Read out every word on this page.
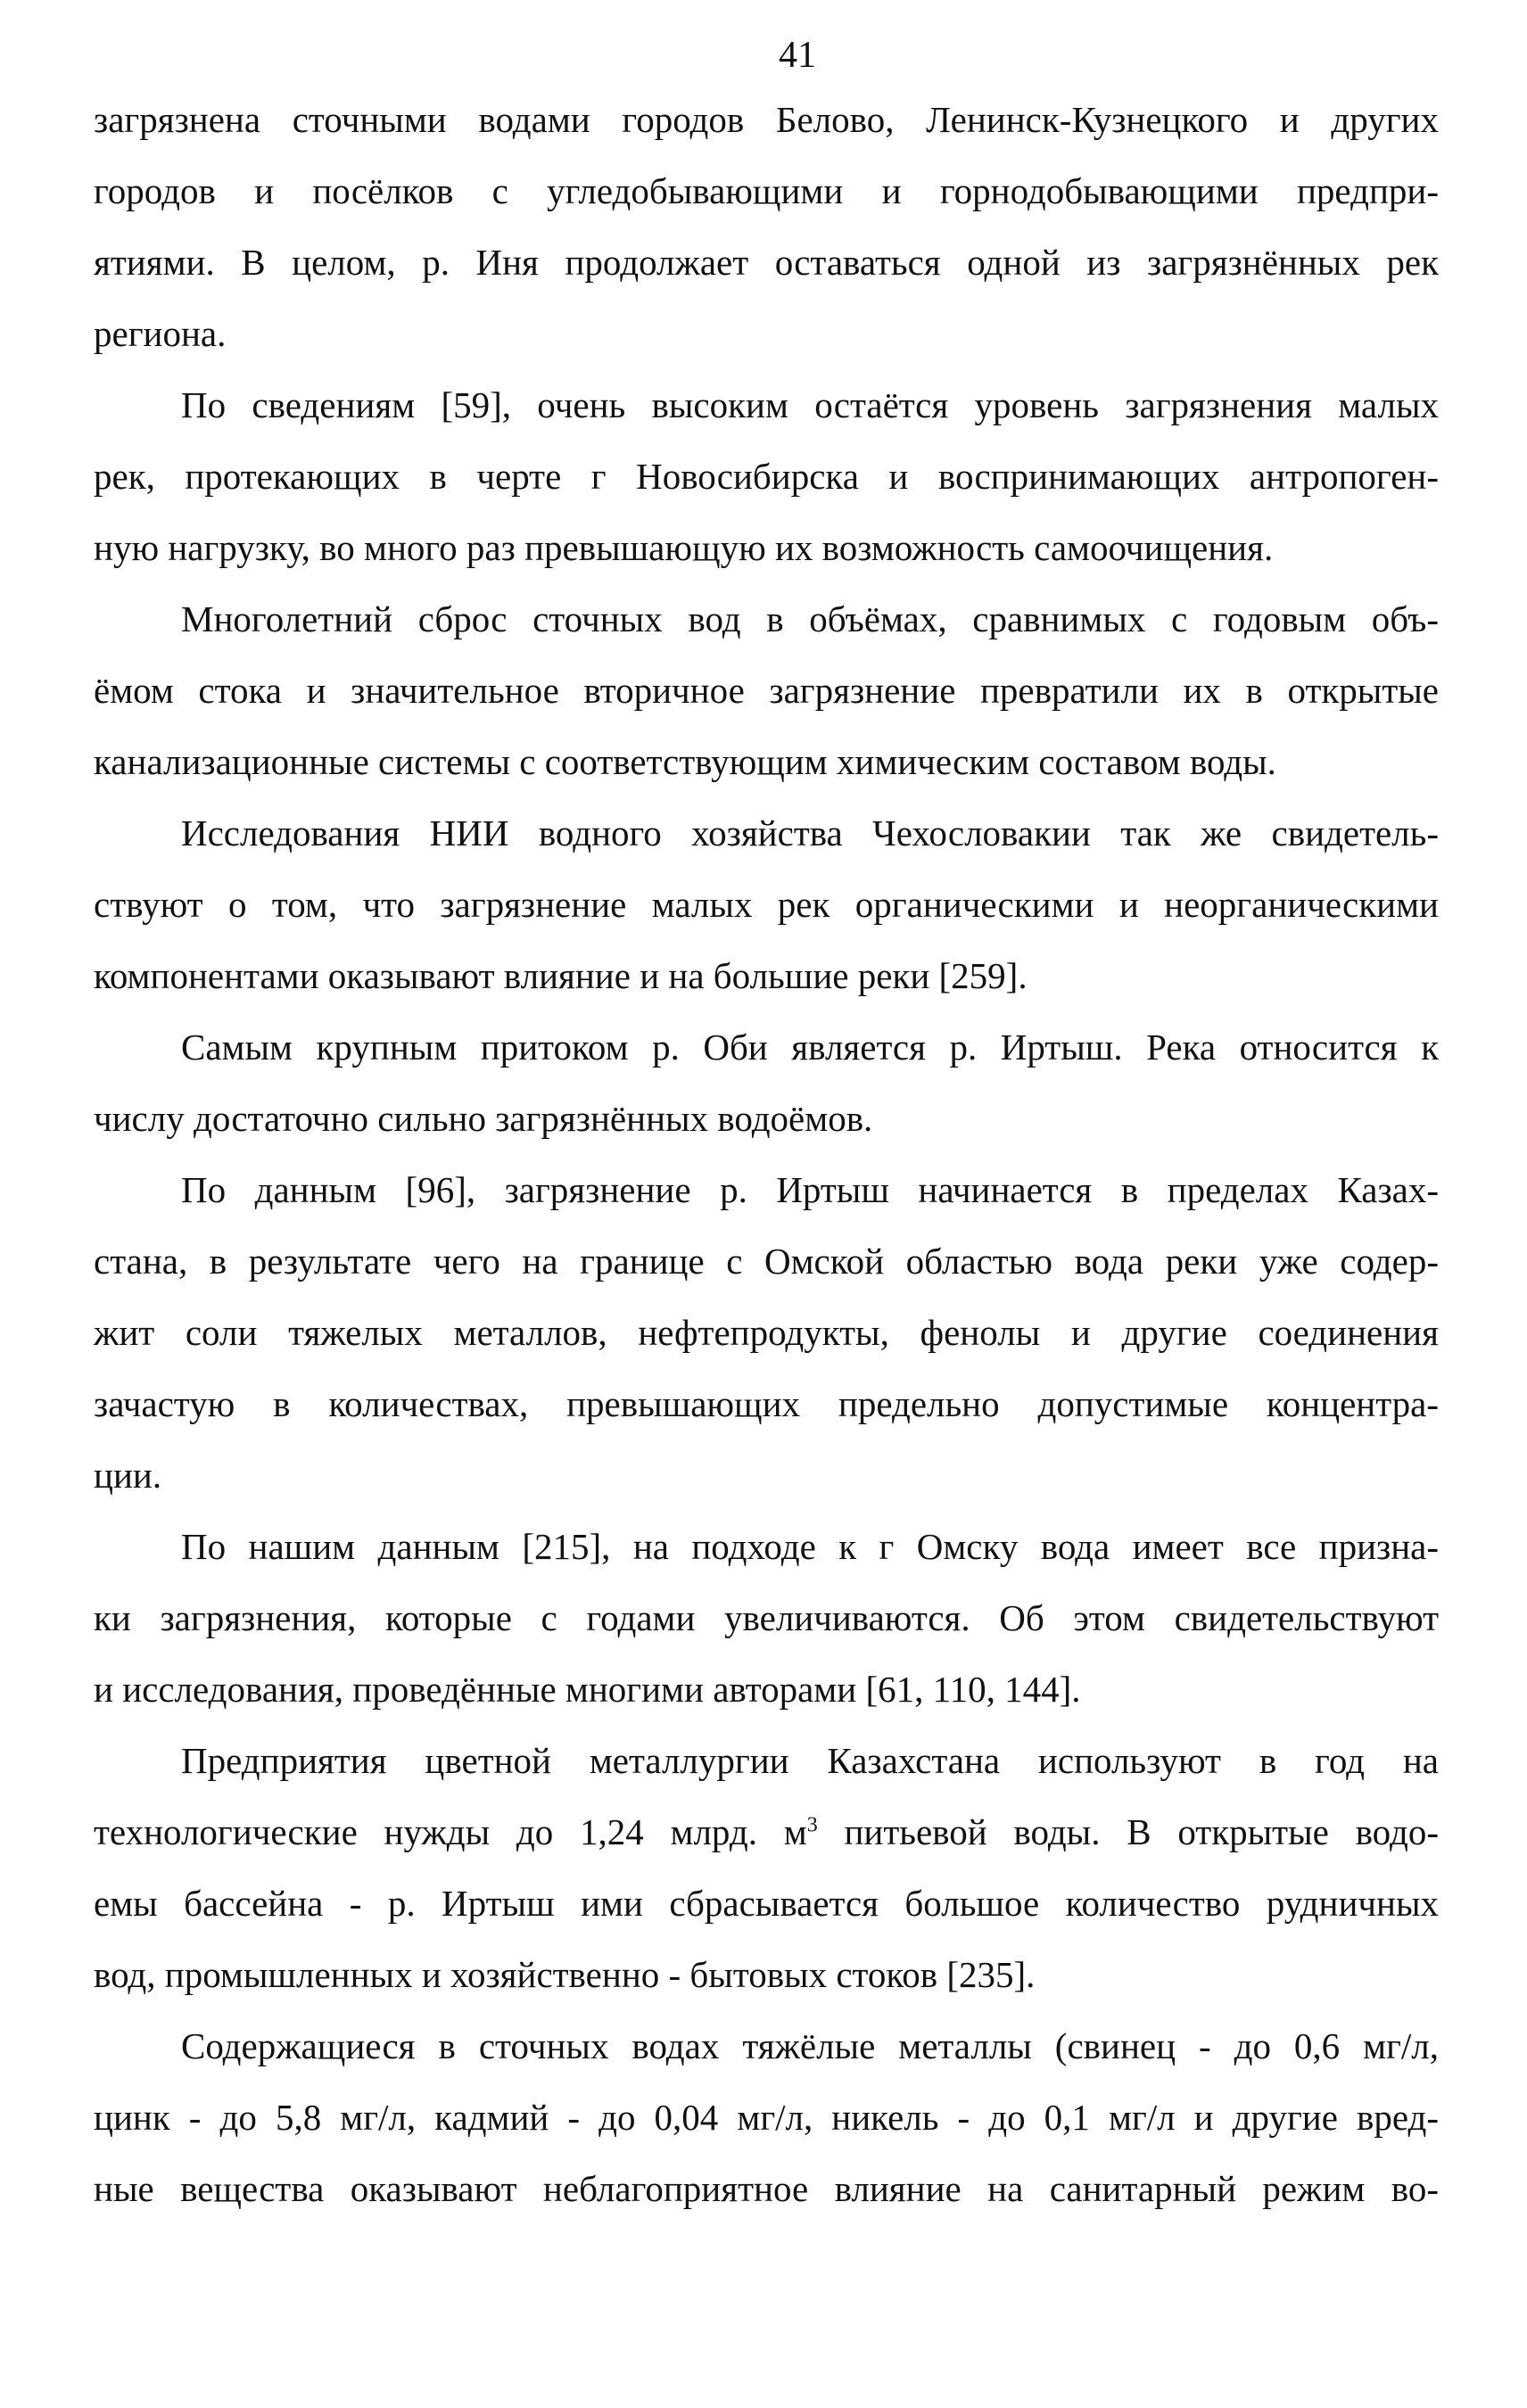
41
загрязнена сточными водами городов Белово, Ленинск-Кузнецкого и других
городов и посёлков с угледобывающими и горнодобывающими предпри-
ятиями. В целом, р. Иня продолжает оставаться одной из загрязнённых рек
региона.
По сведениям [59], очень высоким остаётся уровень загрязнения малых
рек, протекающих в черте г Новосибирска и воспринимающих антропоген-
ную нагрузку, во много раз превышающую их возможность самоочищения.
Многолетний сброс сточных вод в объёмах, сравнимых с годовым объ-
ёмом стока и значительное вторичное загрязнение превратили их в открытые
канализационные системы с соответствующим химическим составом воды.
Исследования НИИ водного хозяйства Чехословакии так же свидетель-
ствуют о том, что загрязнение малых рек органическими и неорганическими
компонентами оказывают влияние и на большие реки [259].
Самым крупным притоком р. Оби является р. Иртыш. Река относится к
числу достаточно сильно загрязнённых водоёмов.
По данным [96], загрязнение р. Иртыш начинается в пределах Казах-
стана, в результате чего на границе с Омской областью вода реки уже содер-
жит соли тяжелых металлов, нефтепродукты, фенолы и другие соединения
зачастую в количествах, превышающих предельно допустимые концентра-
ции.
По нашим данным [215], на подходе к г Омску вода имеет все призна-
ки загрязнения, которые с годами увеличиваются. Об этом свидетельствуют
и исследования, проведённые многими авторами [61, 110, 144].
Предприятия цветной металлургии Казахстана используют в год на
технологические нужды до 1,24 млрд. $м^3$ питьевой воды. В открытые водо-
емы бассейна - р. Иртыш ими сбрасывается большое количество рудничных
вод, промышленных и хозяйственно - бытовых стоков [235].
Содержащиеся в сточных водах тяжёлые металлы (свинец - до 0,6 мг/л,
цинк - до 5,8 мг/л, кадмий - до 0,04 мг/л, никель - до 0,1 мг/л и другие вред-
ные вещества оказывают неблагоприятное влияние на санитарный режим во-
